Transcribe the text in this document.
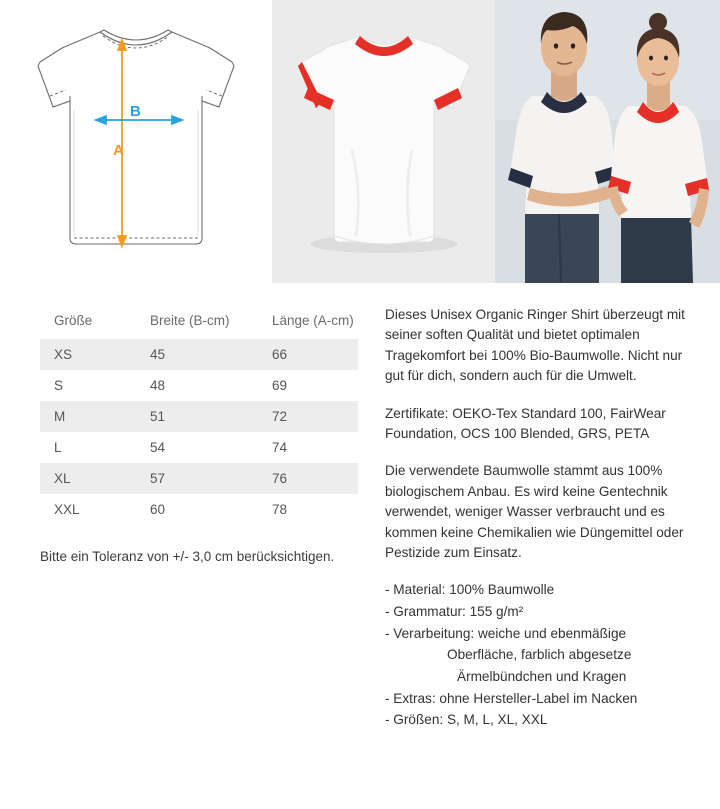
A
B
Größe	Breite (B-cm)	Länge (A-cm)
XS	45	66
S	48	69
M	51	72
L	54	74
XL	57	76
XXL	60	78
Bitte ein Toleranz von +/- 3,0 cm berücksichtigen.

Dieses Unisex Organic Ringer Shirt überzeugt mit seiner soften Qualität und bietet optimalen Tragekomfort bei 100% Bio-Baumwolle. Nicht nur gut für dich, sondern auch für die Umwelt.

Zertifikate: OEKO-Tex Standard 100, FairWear Foundation, OCS 100 Blended, GRS, PETA

Die verwendete Baumwolle stammt aus 100% biologischem Anbau. Es wird keine Gentechnik verwendet, weniger Wasser verbraucht und es kommen keine Chemikalien wie Düngemittel oder Pestizide zum Einsatz.

- Material: 100% Baumwolle
- Grammatur: 155 g/m²
- Verarbeitung: weiche und ebenmäßige
Oberfläche, farblich abgesetze
Ärmelbündchen und Kragen
- Extras: ohne Hersteller-Label im Nacken
- Größen: S, M, L, XL, XXL
